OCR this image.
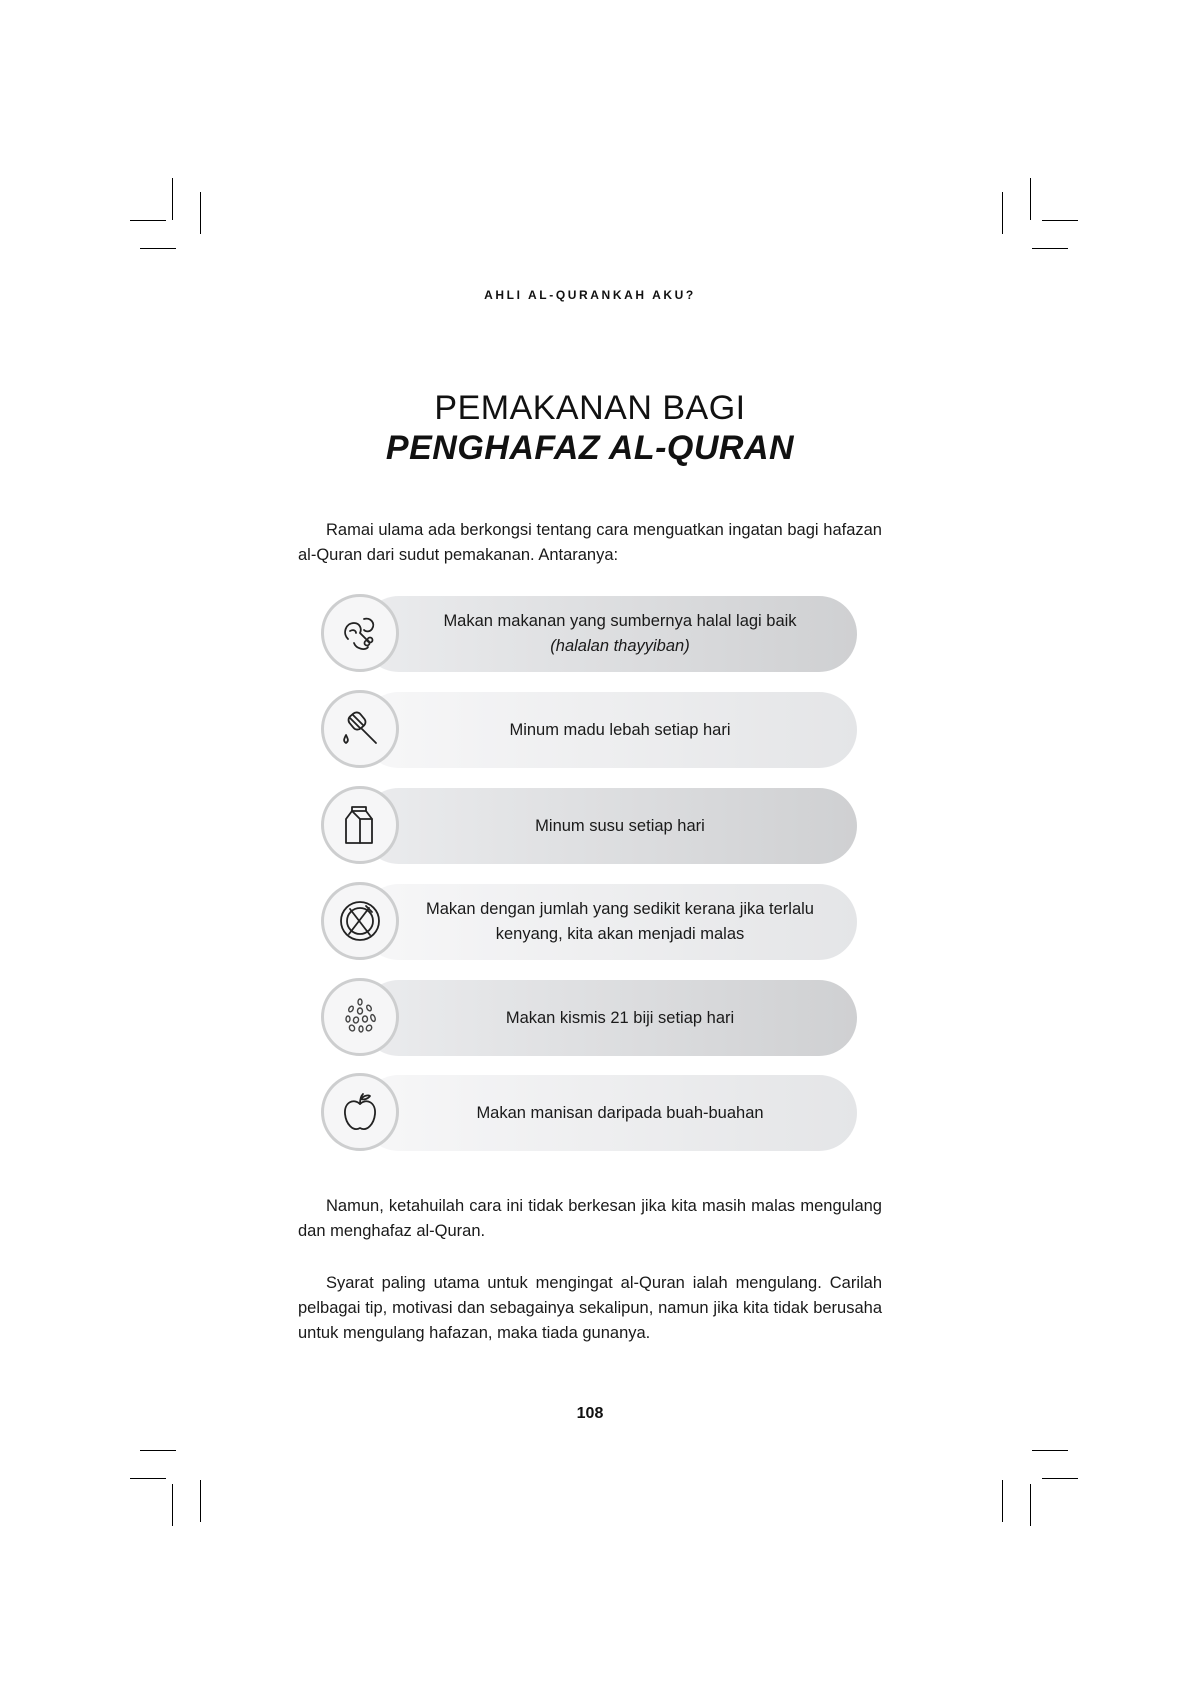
AHLI AL-QURANKAH AKU?
PEMAKANAN BAGI
PENGHAFAZ AL-QURAN
Ramai ulama ada berkongsi tentang cara menguatkan ingatan bagi hafazan al-Quran dari sudut pemakanan. Antaranya:
Makan makanan yang sumbernya halal lagi baik
(halalan thayyiban)
Minum madu lebah setiap hari
Minum susu setiap hari
Makan dengan jumlah yang sedikit kerana jika terlalu kenyang, kita akan menjadi malas
Makan kismis 21 biji setiap hari
Makan manisan daripada buah-buahan
Namun, ketahuilah cara ini tidak berkesan jika kita masih malas mengulang dan menghafaz al-Quran.
Syarat paling utama untuk mengingat al-Quran ialah mengulang. Carilah pelbagai tip, motivasi dan sebagainya sekalipun, namun jika kita tidak berusaha untuk mengulang hafazan, maka tiada gunanya.
108
